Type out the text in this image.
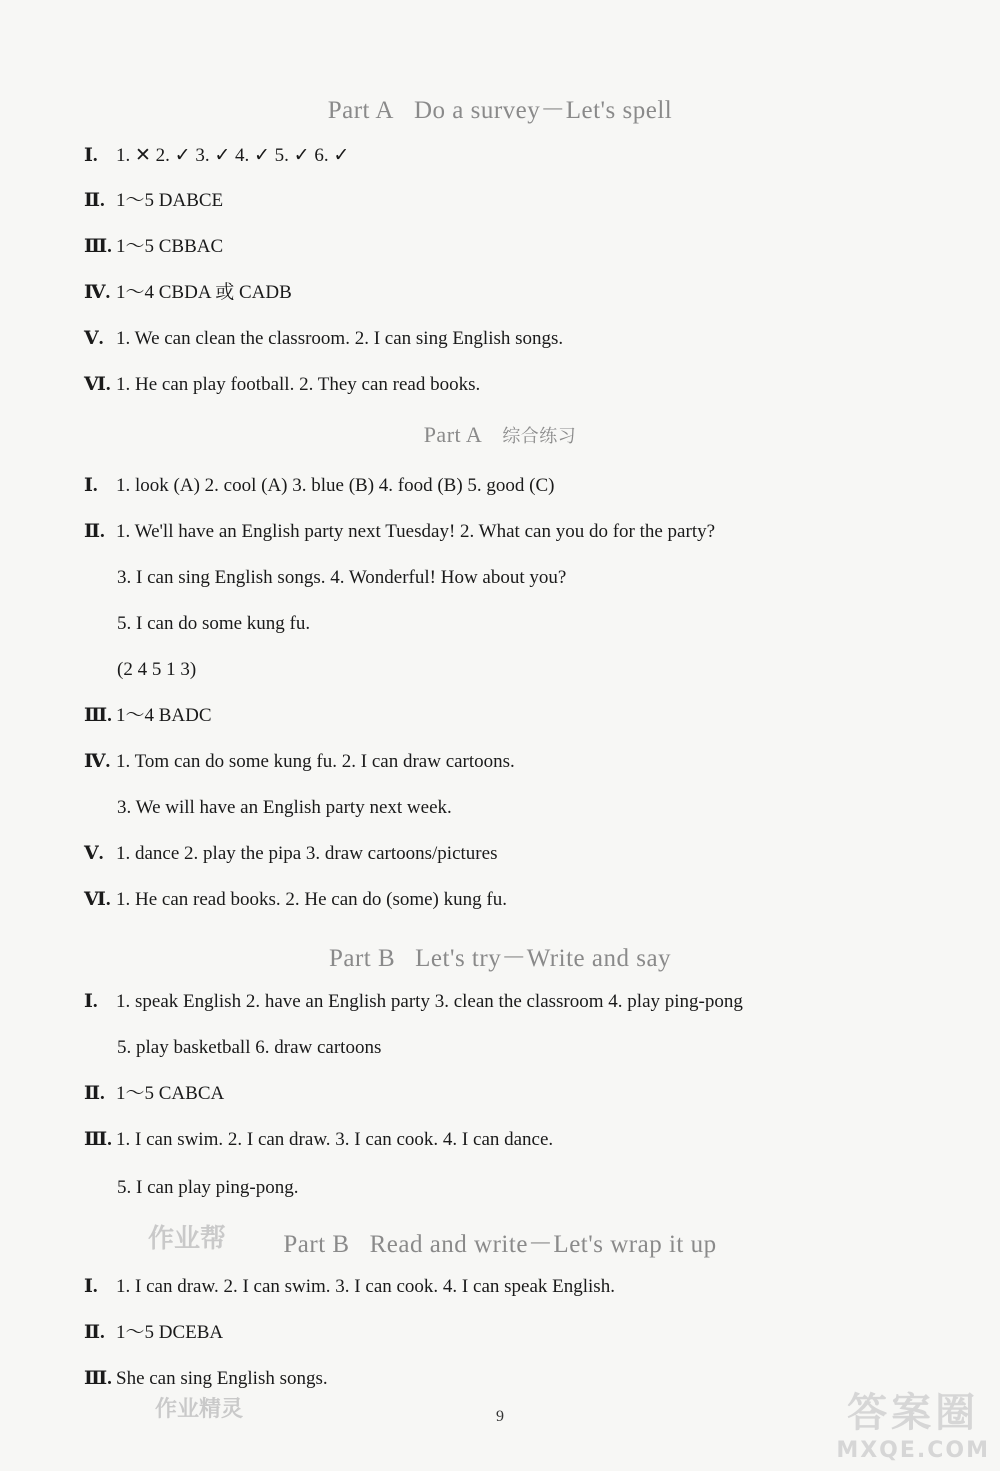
Part A Do a survey－Let's spell
Ⅰ. 1. ✕ 2. ✓ 3. ✓ 4. ✓ 5. ✓ 6. ✓
Ⅱ. 1～5 DABCE
Ⅲ. 1～5 CBBAC
Ⅳ. 1～4 CBDA 或 CADB
Ⅴ. 1. We can clean the classroom. 2. I can sing English songs.
Ⅵ. 1. He can play football. 2. They can read books.
Part A 综合练习
Ⅰ. 1. look (A) 2. cool (A) 3. blue (B) 4. food (B) 5. good (C)
Ⅱ. 1. We'll have an English party next Tuesday! 2. What can you do for the party?
3. I can sing English songs. 4. Wonderful! How about you?
5. I can do some kung fu.
(2 4 5 1 3)
Ⅲ. 1～4 BADC
Ⅳ. 1. Tom can do some kung fu. 2. I can draw cartoons.
3. We will have an English party next week.
Ⅴ. 1. dance 2. play the pipa 3. draw cartoons/pictures
Ⅵ. 1. He can read books. 2. He can do (some) kung fu.
Part B Let's try－Write and say
Ⅰ. 1. speak English 2. have an English party 3. clean the classroom 4. play ping-pong
5. play basketball 6. draw cartoons
Ⅱ. 1～5 CABCA
Ⅲ. 1. I can swim. 2. I can draw. 3. I can cook. 4. I can dance.
5. I can play ping-pong.
Part B Read and write－Let's wrap it up
Ⅰ. 1. I can draw. 2. I can swim. 3. I can cook. 4. I can speak English.
Ⅱ. 1～5 DCEBA
Ⅲ. She can sing English songs.
作业帮
作业精灵	9	答案圈
MXQE.COM
